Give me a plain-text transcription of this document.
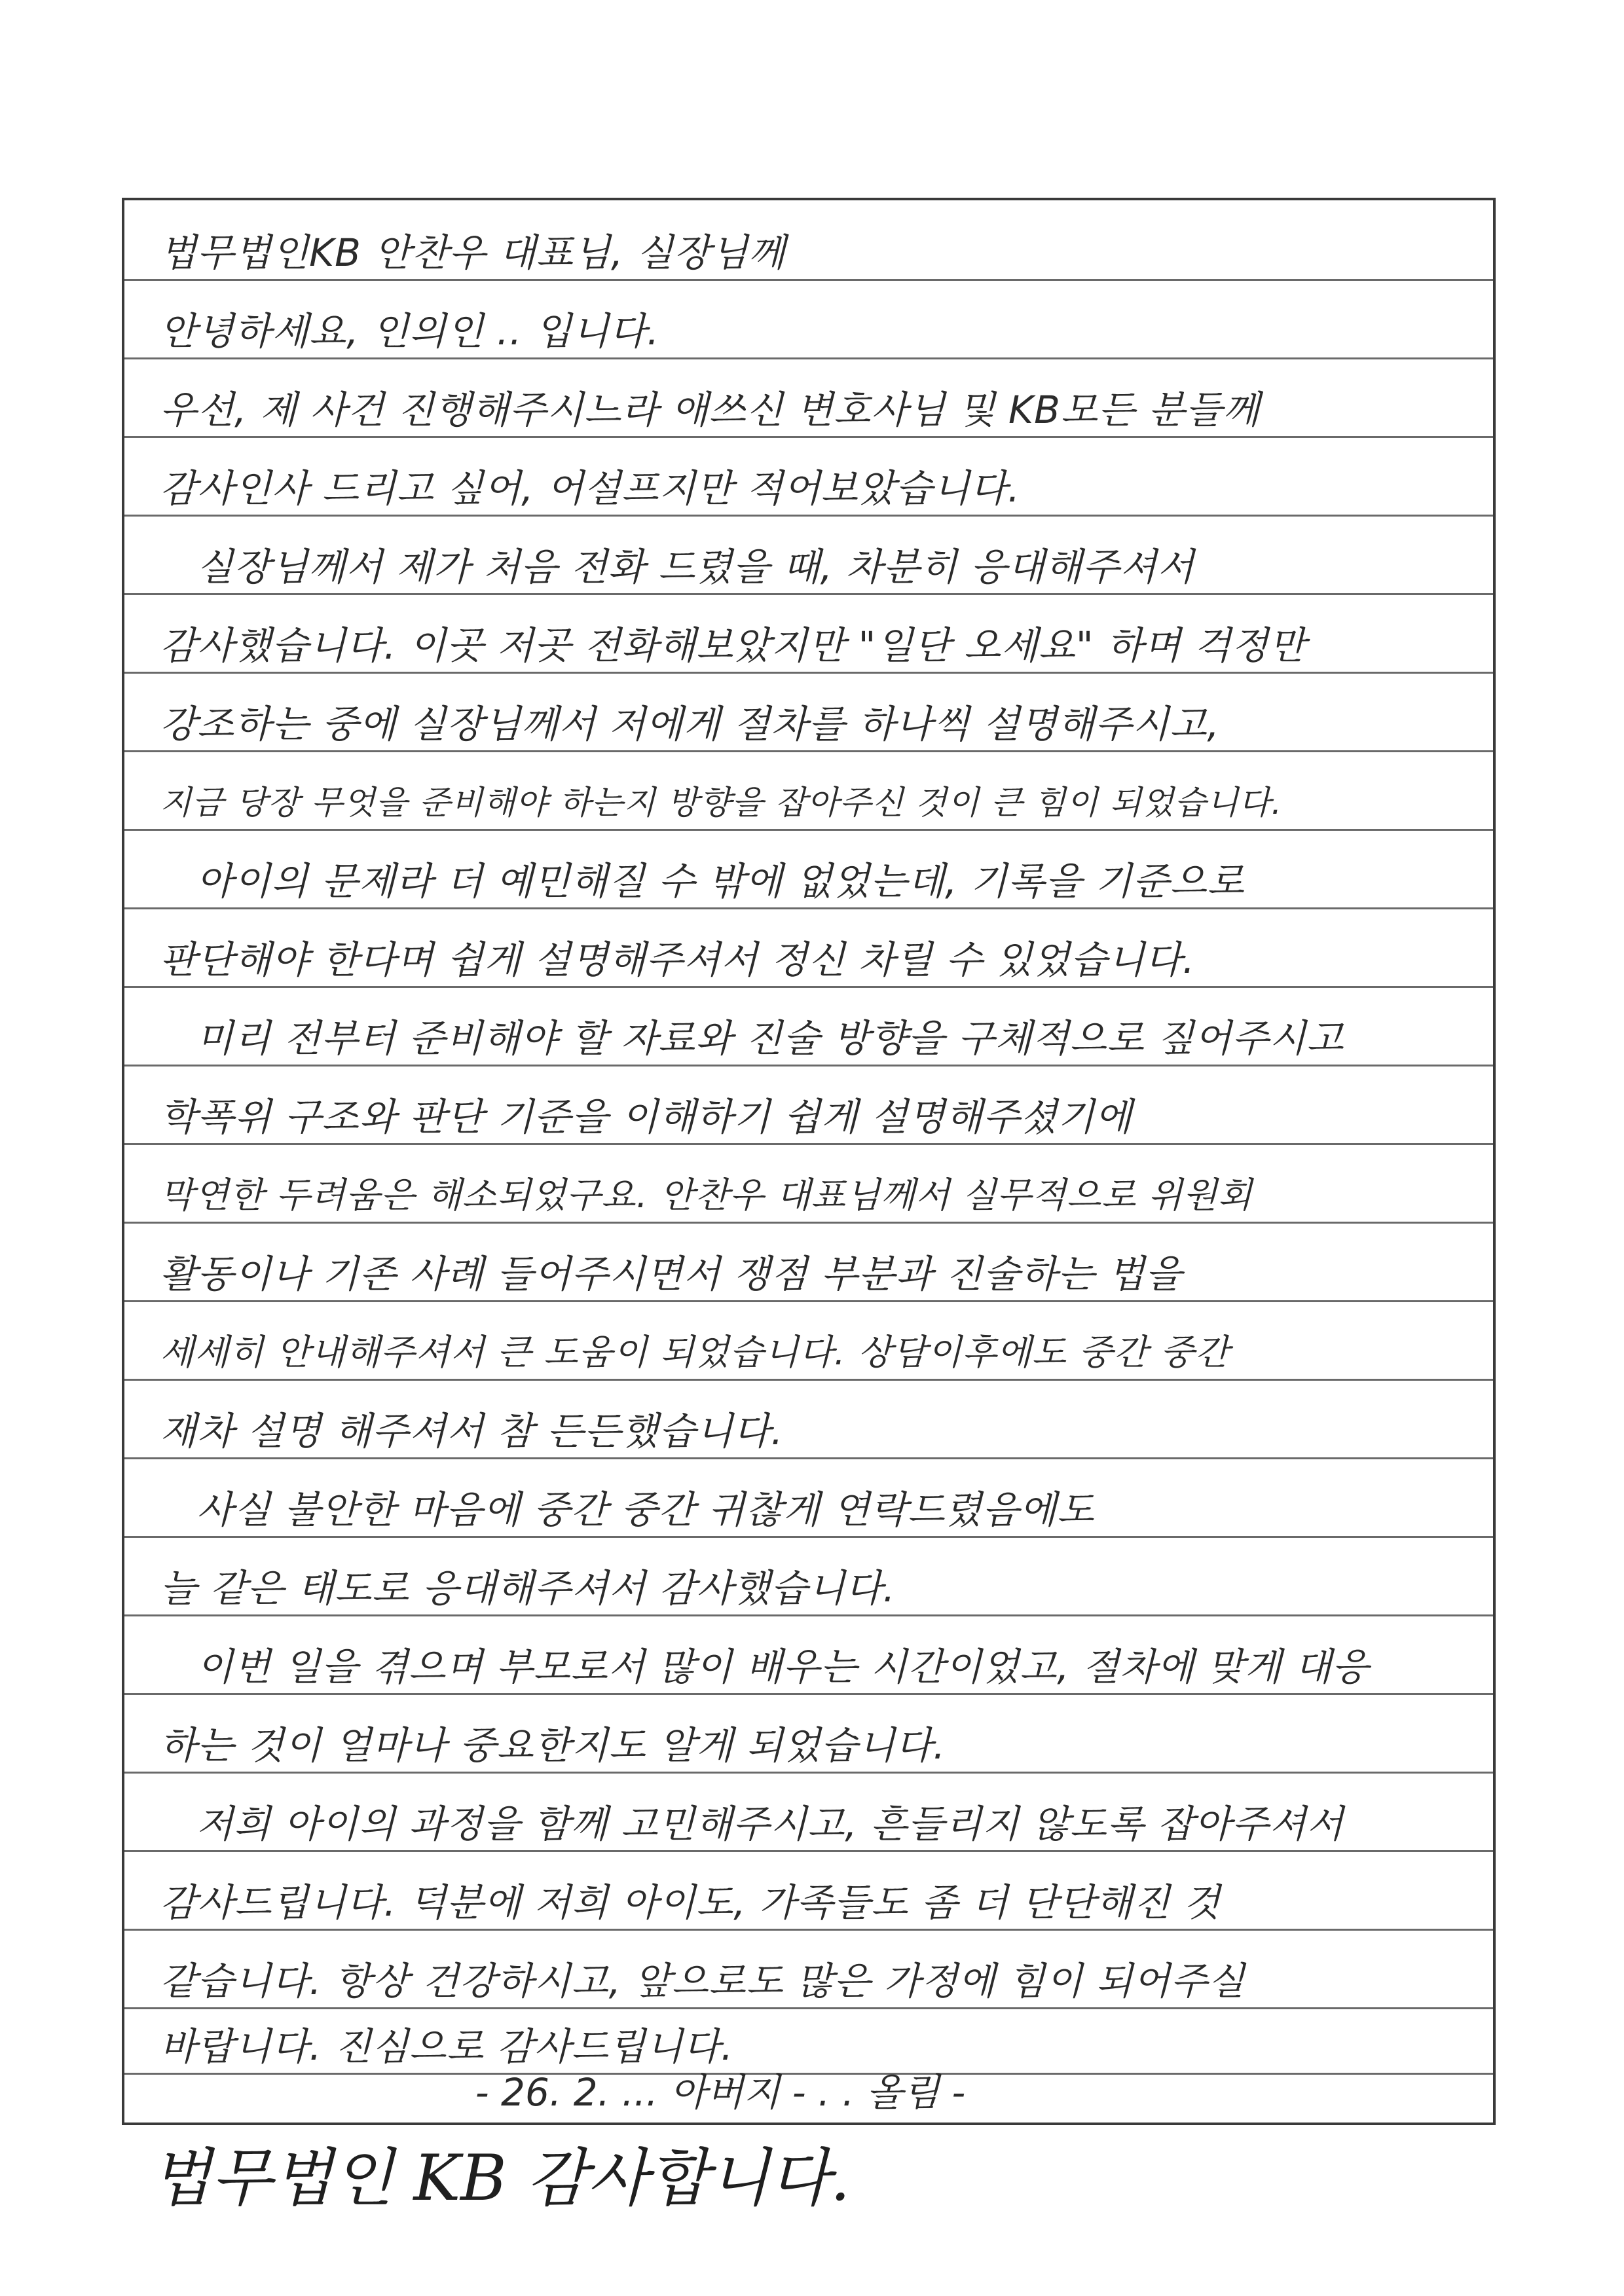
법무법인KB 안찬우 대표님, 실장님께
안녕하세요, 인의인 .. 입니다.
우선, 제 사건 진행해주시느라 애쓰신 변호사님 및 KB모든 분들께
감사인사 드리고 싶어, 어설프지만 적어보았습니다.
실장님께서 제가 처음 전화 드렸을 때, 차분히 응대해주셔서
감사했습니다. 이곳 저곳 전화해보았지만 "일단 오세요" 하며 걱정만
강조하는 중에 실장님께서 저에게 절차를 하나씩 설명해주시고,
지금 당장 무엇을 준비해야 하는지 방향을 잡아주신 것이 큰 힘이 되었습니다.
아이의 문제라 더 예민해질 수 밖에 없었는데, 기록을 기준으로
판단해야 한다며 쉽게 설명해주셔서 정신 차릴 수 있었습니다.
미리 전부터 준비해야 할 자료와 진술 방향을 구체적으로 짚어주시고
학폭위 구조와 판단 기준을 이해하기 쉽게 설명해주셨기에
막연한 두려움은 해소되었구요. 안찬우 대표님께서 실무적으로 위원회
활동이나 기존 사례 들어주시면서 쟁점 부분과 진술하는 법을
세세히 안내해주셔서 큰 도움이 되었습니다. 상담이후에도 중간 중간
재차 설명 해주셔서 참 든든했습니다.
사실 불안한 마음에 중간 중간 귀찮게 연락드렸음에도
늘 같은 태도로 응대해주셔서 감사했습니다.
이번 일을 겪으며 부모로서 많이 배우는 시간이었고, 절차에 맞게 대응
하는 것이 얼마나 중요한지도 알게 되었습니다.
저희 아이의 과정을 함께 고민해주시고, 흔들리지 않도록 잡아주셔서
감사드립니다. 덕분에 저희 아이도, 가족들도 좀 더 단단해진 것
같습니다. 항상 건강하시고, 앞으로도 많은 가정에 힘이 되어주실
바랍니다. 진심으로 감사드립니다.
- 26. 2. ... 아버지 - . . 올림 -
법무법인 KB 감사합니다.
